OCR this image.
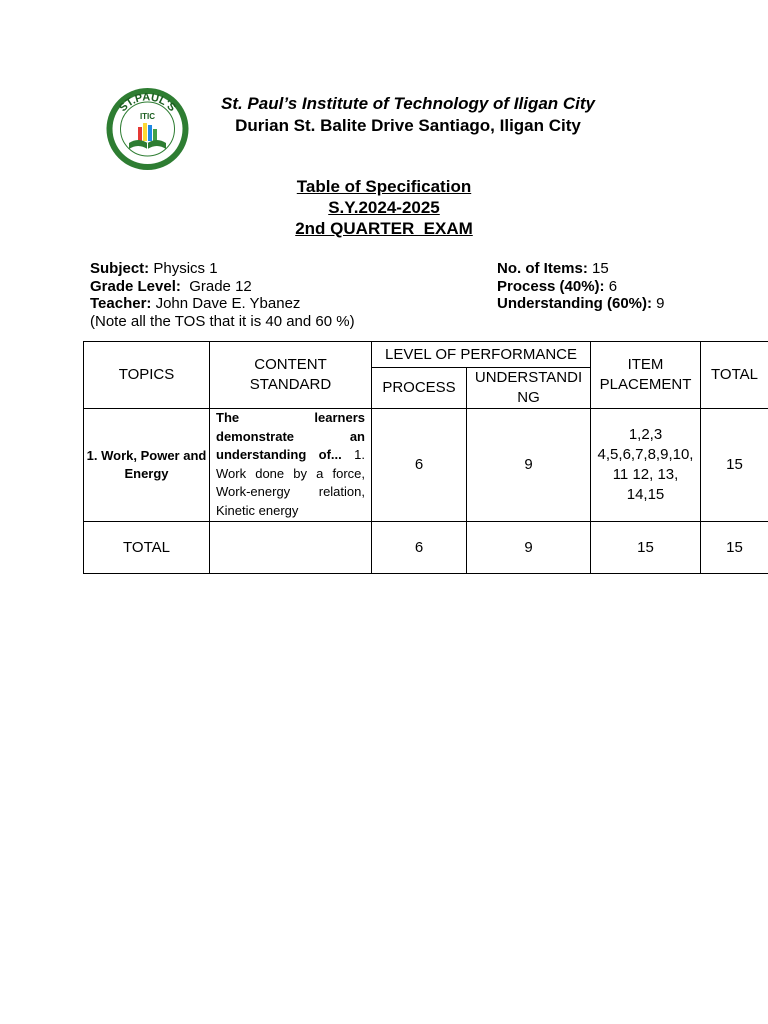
ST.PAUL'S
ITIC
St. Paul’s Institute of Technology of Iligan City
Durian St. Balite Drive Santiago, Iligan City
Table of Specification
S.Y.2024-2025
2nd QUARTER  EXAM
Subject: Physics 1
Grade Level:  Grade 12
Teacher: John Dave E. Ybanez
(Note all the TOS that it is 40 and 60 %)
No. of Items: 15
Process (40%): 6
Understanding (60%): 9
TOPICS	CONTENT STANDARD	LEVEL OF PERFORMANCE		ITEM PLACEMENT	TOTAL
		PROCESS	UNDERSTANDING		
1. Work, Power and Energy	The learners demonstrate an understanding of... 1. Work done by a force, Work-energy relation, Kinetic energy	6	9	1,2,3 4,5,6,7,8,9,10, 11 12, 13, 14,15	15
TOTAL		6	9	15	15
